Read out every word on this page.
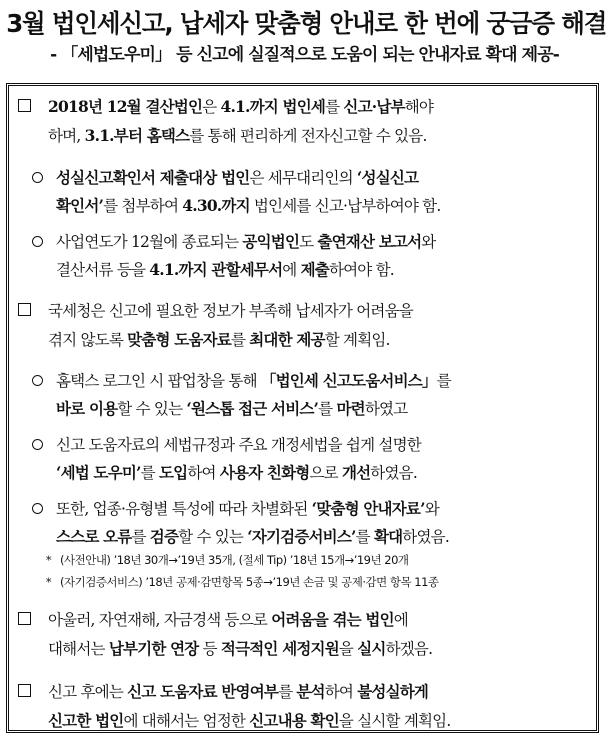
3월 법인세신고, 납세자 맞춤형 안내로 한 번에 궁금증 해결
- 「세법도우미」 등 신고에 실질적으로 도움이 되는 안내자료 확대 제공-
2018년 12월 결산법인은 4.1.까지 법인세를 신고·납부해야
하며, 3.1.부터 홈택스를 통해 편리하게 전자신고할 수 있음.
성실신고확인서 제출대상 법인은 세무대리인의 ‘성실신고
확인서’를 첨부하여 4.30.까지 법인세를 신고·납부하여야 함.
사업연도가 12월에 종료되는 공익법인도 출연재산 보고서와
결산서류 등을 4.1.까지 관할세무서에 제출하여야 함.
국세청은 신고에 필요한 정보가 부족해 납세자가 어려움을
겪지 않도록 맞춤형 도움자료를 최대한 제공할 계획임.
홈택스 로그인 시 팝업창을 통해 「법인세 신고도움서비스」를
바로 이용할 수 있는 ‘원스톱 접근 서비스’를 마련하였고
신고 도움자료의 세법규정과 주요 개정세법을 쉽게 설명한
‘세법 도우미’를 도입하여 사용자 친화형으로 개선하였음.
또한, 업종·유형별 특성에 따라 차별화된 ‘맞춤형 안내자료’와
스스로 오류를 검증할 수 있는 ‘자기검증서비스’를 확대하였음.
* (사전안내) ’18년 30개→’19년 35개, (절세 Tip) ’18년 15개→’19년 20개
* (자기검증서비스) ’18년 공제·감면항목 5종→’19년 손금 및 공제·감면 항목 11종
아울러, 자연재해, 자금경색 등으로 어려움을 겪는 법인에
대해서는 납부기한 연장 등 적극적인 세정지원을 실시하겠음.
신고 후에는 신고 도움자료 반영여부를 분석하여 불성실하게
신고한 법인에 대해서는 엄정한 신고내용 확인을 실시할 계획임.
